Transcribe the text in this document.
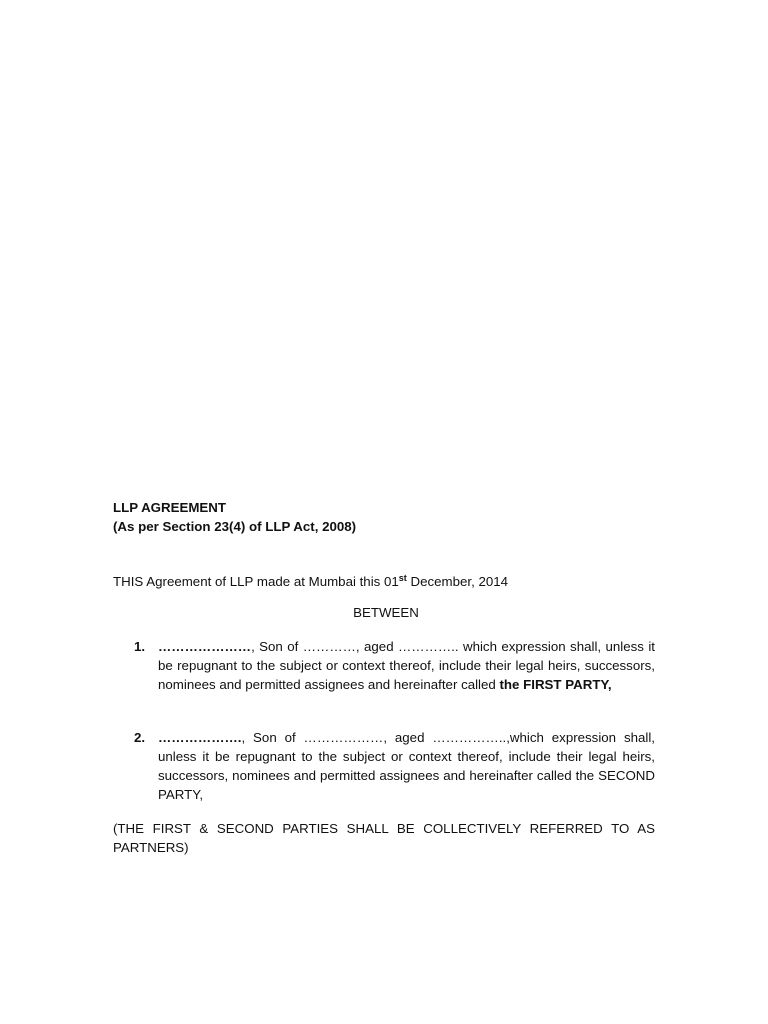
LLP AGREEMENT
(As per Section 23(4) of LLP Act, 2008)
THIS Agreement of LLP made at Mumbai this 01st December, 2014
BETWEEN
1. …………………, Son of …………, aged ………….. which expression shall, unless it be repugnant to the subject or context thereof, include their legal heirs, successors, nominees and permitted assignees and hereinafter called the FIRST PARTY,
2. ………………., Son of ………………, aged ……………..,which expression shall, unless it be repugnant to the subject or context thereof, include their legal heirs, successors, nominees and permitted assignees and hereinafter called the SECOND PARTY,
(THE FIRST & SECOND PARTIES SHALL BE COLLECTIVELY REFERRED TO AS PARTNERS)
